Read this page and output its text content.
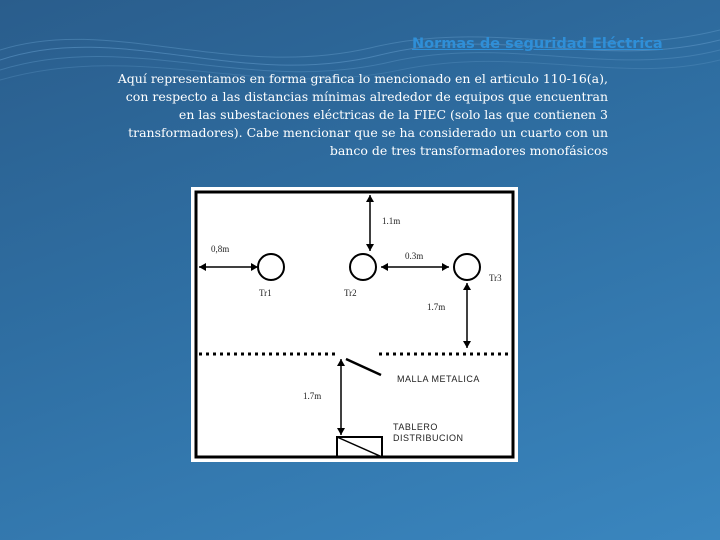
Normas de seguridad Eléctrica
Aquí representamos en forma grafica lo mencionado en el articulo 110-16(a), con respecto a las distancias mínimas alrededor de equipos que encuentran en las subestaciones eléctricas de la FIEC (solo las que contienen 3 transformadores). Cabe mencionar que se ha considerado un cuarto con un banco de tres transformadores monofásicos
0,8m
1.1m
Tr1	Tr2
Tr3
0.3m
1.7m
MALLA METALICA
1.7m
TABLERO
DISTRIBUCION
